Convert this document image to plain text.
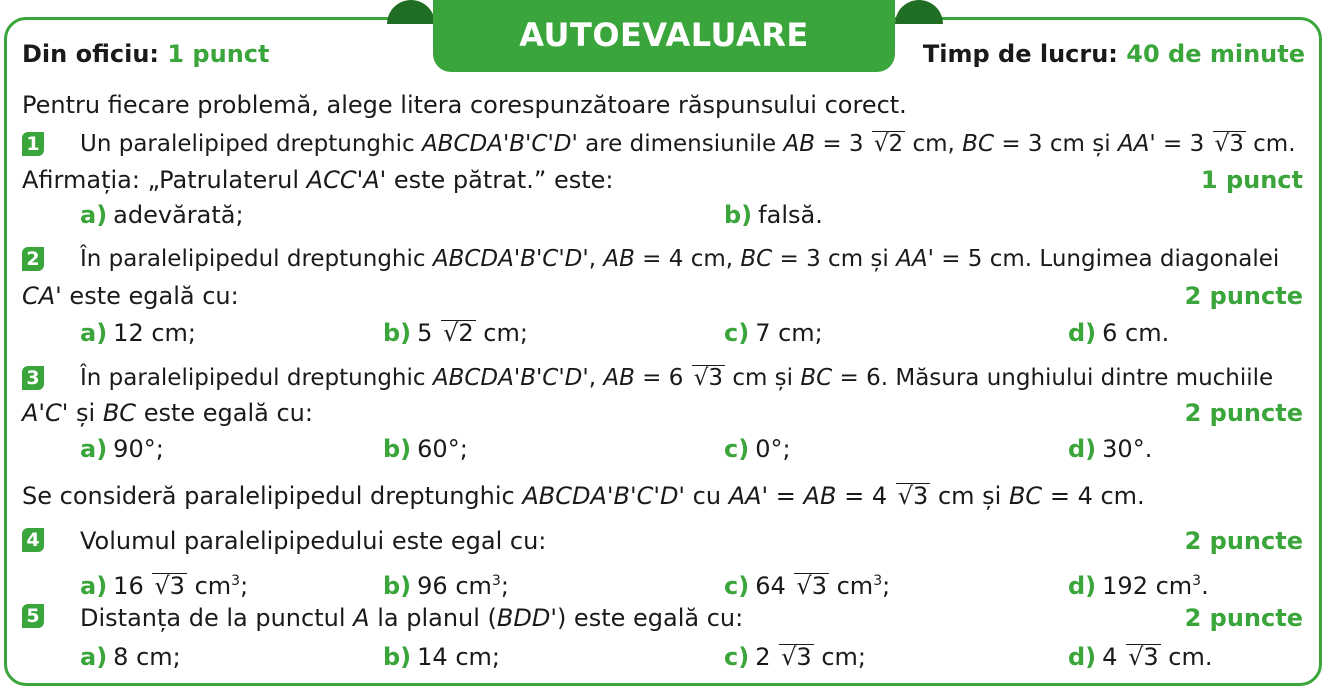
AUTOEVALUARE
Din oficiu: 1 punct	Timp de lucru: 40 de minute
Pentru fiecare problemă, alege litera corespunzătoare răspunsului corect.
1 Un paralelipiped dreptunghic ABCDA'B'C'D' are dimensiunile AB = 3 √2 cm, BC = 3 cm și AA' = 3 √3 cm.
Afirmația: „Patrulaterul ACC'A' este pătrat.” este:	1 punct
a) adevărată;	b) falsă.
2 În paralelipipedul dreptunghic ABCDA'B'C'D', AB = 4 cm, BC = 3 cm și AA' = 5 cm. Lungimea diagonalei
CA' este egală cu:	2 puncte
a) 12 cm;	b) 5 √2 cm;	c) 7 cm;	d) 6 cm.
3 În paralelipipedul dreptunghic ABCDA'B'C'D', AB = 6 √3 cm și BC = 6. Măsura unghiului dintre muchiile
A'C' și BC este egală cu:	2 puncte
a) 90°;	b) 60°;	c) 0°;	d) 30°.
Se consideră paralelipipedul dreptunghic ABCDA'B'C'D' cu AA' = AB = 4 √3 cm și BC = 4 cm.
4 Volumul paralelipipedului este egal cu:	2 puncte
a) 16 √3 $cm^3$;	b) 96 $cm^3$;	c) 64 √3 $cm^3$;	d) 192 $cm^3$.
5 Distanța de la punctul A la planul (BDD') este egală cu:	2 puncte
a) 8 cm;	b) 14 cm;	c) 2 √3 cm;	d) 4 √3 cm.
